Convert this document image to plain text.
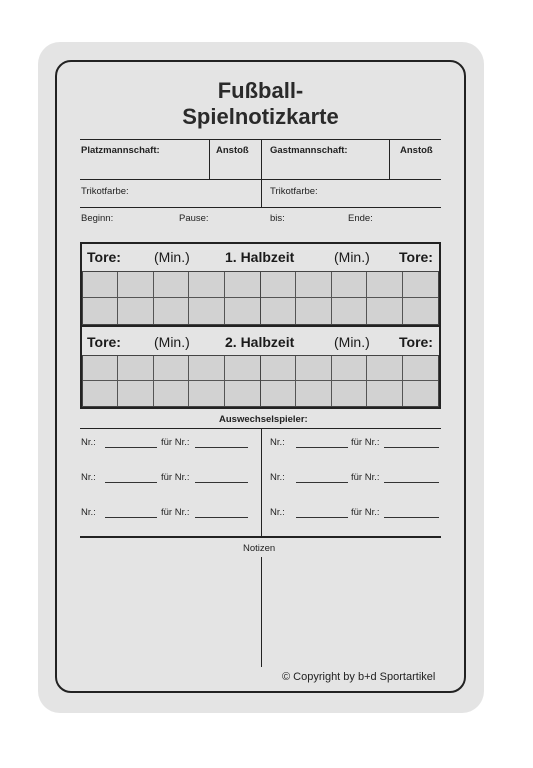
Fußball-
Spielnotizkarte
Platzmannschaft:	Anstoß Gastmannschaft:	Anstoß
Trikotfarbe:	Trikotfarbe:
Beginn:	Pause:	bis:	Ende:
Tore: (Min.)	1. Halbzeit	(Min.) Tore:
Tore: (Min.)	2. Halbzeit	(Min.) Tore:
Auswechselspieler:
Nr.:	für Nr.:	Nr.:	für Nr.:
Nr.:	für Nr.:	Nr.:	für Nr.:
Nr.:	für Nr.:	Nr.:	für Nr.:
Notizen
© Copyright by b+d Sportartikel
